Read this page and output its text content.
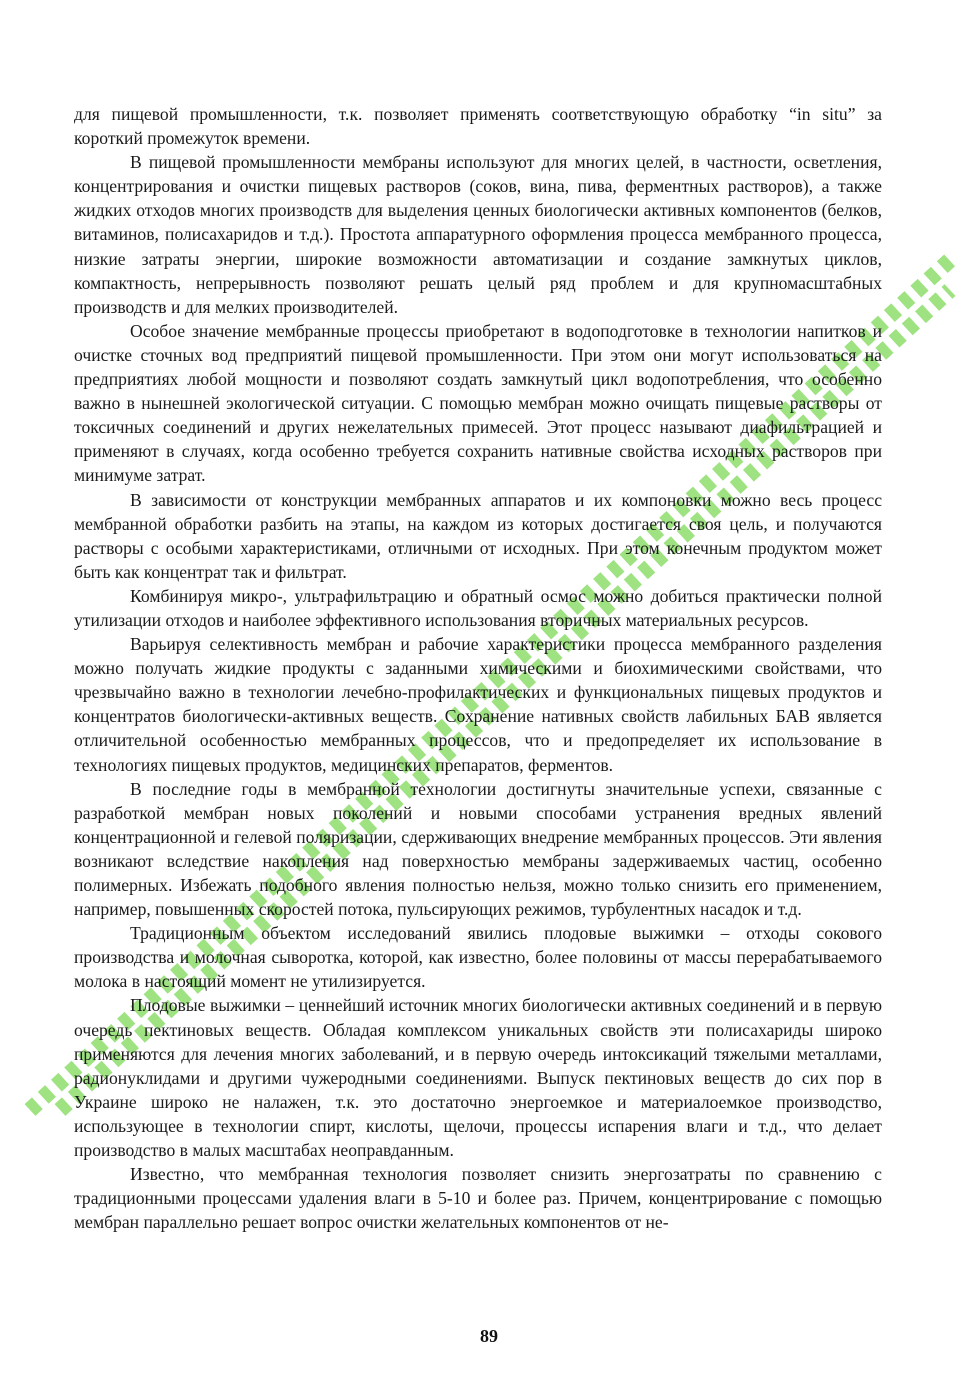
для пищевой промышленности, т.к. позволяет применять соответствующую обработку “in situ” за короткий промежуток времени.

В пищевой промышленности мембраны используют для многих целей, в частности, осветления, концентрирования и очистки пищевых растворов (соков, вина, пива, ферментных растворов), а также жидких отходов многих производств для выделения ценных биологически активных компонентов (белков, витаминов, полисахаридов и т.д.). Простота аппаратурного оформления процесса мембранного процесса, низкие затраты энергии, широкие возможности автоматизации и создание замкнутых циклов, компактность, непрерывность позволяют решать целый ряд проблем и для крупномасштабных производств и для мелких производителей.

Особое значение мембранные процессы приобретают в водоподготовке в технологии напитков и очистке сточных вод предприятий пищевой промышленности. При этом они могут использоваться на предприятиях любой мощности и позволяют создать замкнутый цикл водопотребления, что особенно важно в нынешней экологической ситуации. С помощью мембран можно очищать пищевые растворы от токсичных соединений и других нежелательных примесей. Этот процесс называют диафильтрацией и применяют в случаях, когда особенно требуется сохранить нативные свойства исходных растворов при минимуме затрат.

В зависимости от конструкции мембранных аппаратов и их компоновки можно весь процесс мембранной обработки разбить на этапы, на каждом из которых достигается своя цель, и получаются растворы с особыми характеристиками, отличными от исходных. При этом конечным продуктом может быть как концентрат так и фильтрат.

Комбинируя микро-, ультрафильтрацию и обратный осмос можно добиться практически полной утилизации отходов и наиболее эффективного использования вторичных материальных ресурсов.

Варьируя селективность мембран и рабочие характеристики процесса мембранного разделения можно получать жидкие продукты с заданными химическими и биохимическими свойствами, что чрезвычайно важно в технологии лечебно-профилактических и функциональных пищевых продуктов и концентратов биологически-активных веществ. Сохранение нативных свойств лабильных БАВ является отличительной особенностью мембранных процессов, что и предопределяет их использование в технологиях пищевых продуктов, медицинских препаратов, ферментов.

В последние годы в мембранной технологии достигнуты значительные успехи, связанные с разработкой мембран новых поколений и новыми способами устранения вредных явлений концентрационной и гелевой поляризации, сдерживающих внедрение мембранных процессов. Эти явления возникают вследствие накопления над поверхностью мембраны задерживаемых частиц, особенно полимерных. Избежать подобного явления полностью нельзя, можно только снизить его применением, например, повышенных скоростей потока, пульсирующих режимов, турбулентных насадок и т.д.

Традиционным объектом исследований явились плодовые выжимки – отходы сокового производства и молочная сыворотка, которой, как известно, более половины от массы перерабатываемого молока в настоящий момент не утилизируется.

Плодовые выжимки – ценнейший источник многих биологически активных соединений и в первую очередь пектиновых веществ. Обладая комплексом уникальных свойств эти полисахариды широко применяются для лечения многих заболеваний, и в первую очередь интоксикаций тяжелыми металлами, радионуклидами и другими чужеродными соединениями. Выпуск пектиновых веществ до сих пор в Украине широко не налажен, т.к. это достаточно энергоемкое и материалоемкое производство, использующее в технологии спирт, кислоты, щелочи, процессы испарения влаги и т.д., что делает производство в малых масштабах неоправданным.

Известно, что мембранная технология позволяет снизить энергозатраты по сравнению с традиционными процессами удаления влаги в 5-10 и более раз. Причем, концентрирование с помощью мембран параллельно решает вопрос очистки желательных компонентов от не-

89
